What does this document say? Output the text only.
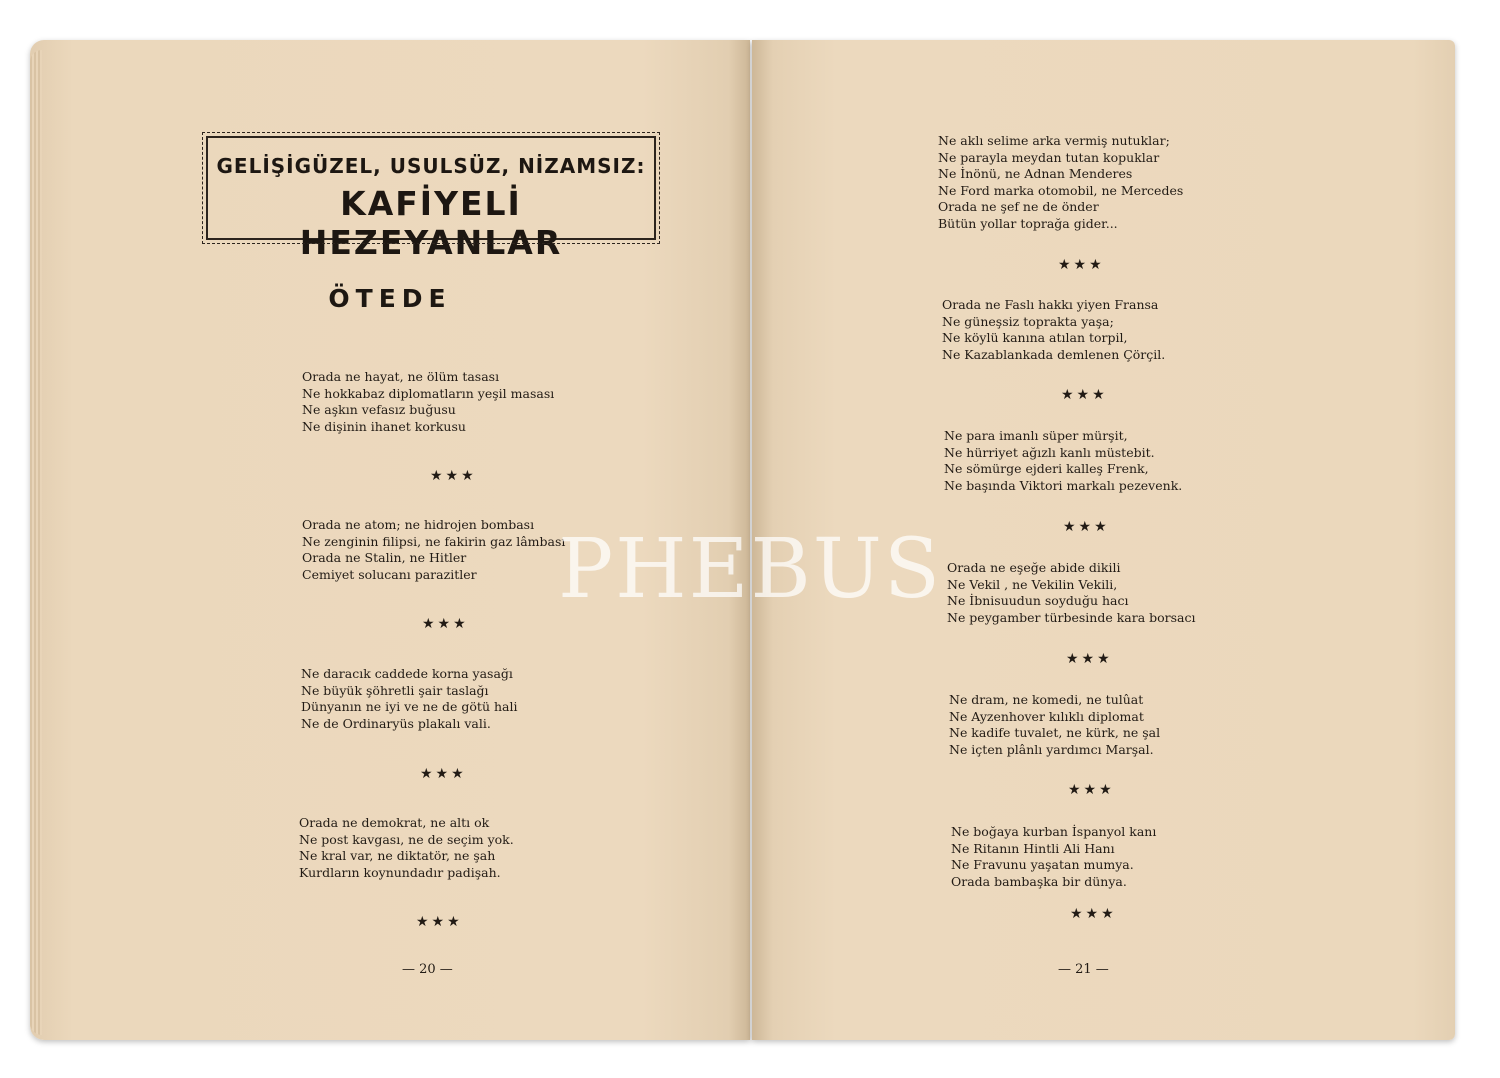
GELİŞİGÜZEL, USULSÜZ, NİZAMSIZ:
KAFİYELİ HEZEYANLAR
ÖTEDE
Orada ne hayat, ne ölüm tasası
Ne hokkabaz diplomatların yeşil masası
Ne aşkın vefasız buğusu
Ne dişinin ihanet korkusu
★★★
Orada ne atom; ne hidrojen bombası
Ne zenginin filipsi, ne fakirin gaz lâmbası
Orada ne Stalin, ne Hitler
Cemiyet solucanı parazitler
★★★
Ne daracık caddede korna yasağı
Ne büyük şöhretli şair taslağı
Dünyanın ne iyi ve ne de götü hali
Ne de Ordinaryüs plakalı vali.
★★★
Orada ne demokrat, ne altı ok
Ne post kavgası, ne de seçim yok.
Ne kral var, ne diktatör, ne şah
Kurdların koynundadır padişah.
★★★
— 20 —
Ne aklı selime arka vermiş nutuklar;
Ne parayla meydan tutan kopuklar
Ne İnönü, ne Adnan Menderes
Ne Ford marka otomobil, ne Mercedes
Orada ne şef ne de önder
Bütün yollar toprağa gider...
★★★
Orada ne Faslı hakkı yiyen Fransa
Ne güneşsiz toprakta yaşa;
Ne köylü kanına atılan torpil,
Ne Kazablankada demlenen Çörçil.
★★★
Ne para imanlı süper mürşit,
Ne hürriyet ağızlı kanlı müstebit.
Ne sömürge ejderi kalleş Frenk,
Ne başında Viktori markalı pezevenk.
★★★
Orada ne eşeğe abide dikili
Ne Vekil , ne Vekilin Vekili,
Ne İbnisuudun soyduğu hacı
Ne peygamber türbesinde kara borsacı
★★★
Ne dram, ne komedi, ne tulûat
Ne Ayzenhover kılıklı diplomat
Ne kadife tuvalet, ne kürk, ne şal
Ne içten plânlı yardımcı Marşal.
★★★
Ne boğaya kurban İspanyol kanı
Ne Ritanın Hintli Ali Hanı
Ne Fravunu yaşatan mumya.
Orada bambaşka bir dünya.
★★★
— 21 —
PHEBUS
